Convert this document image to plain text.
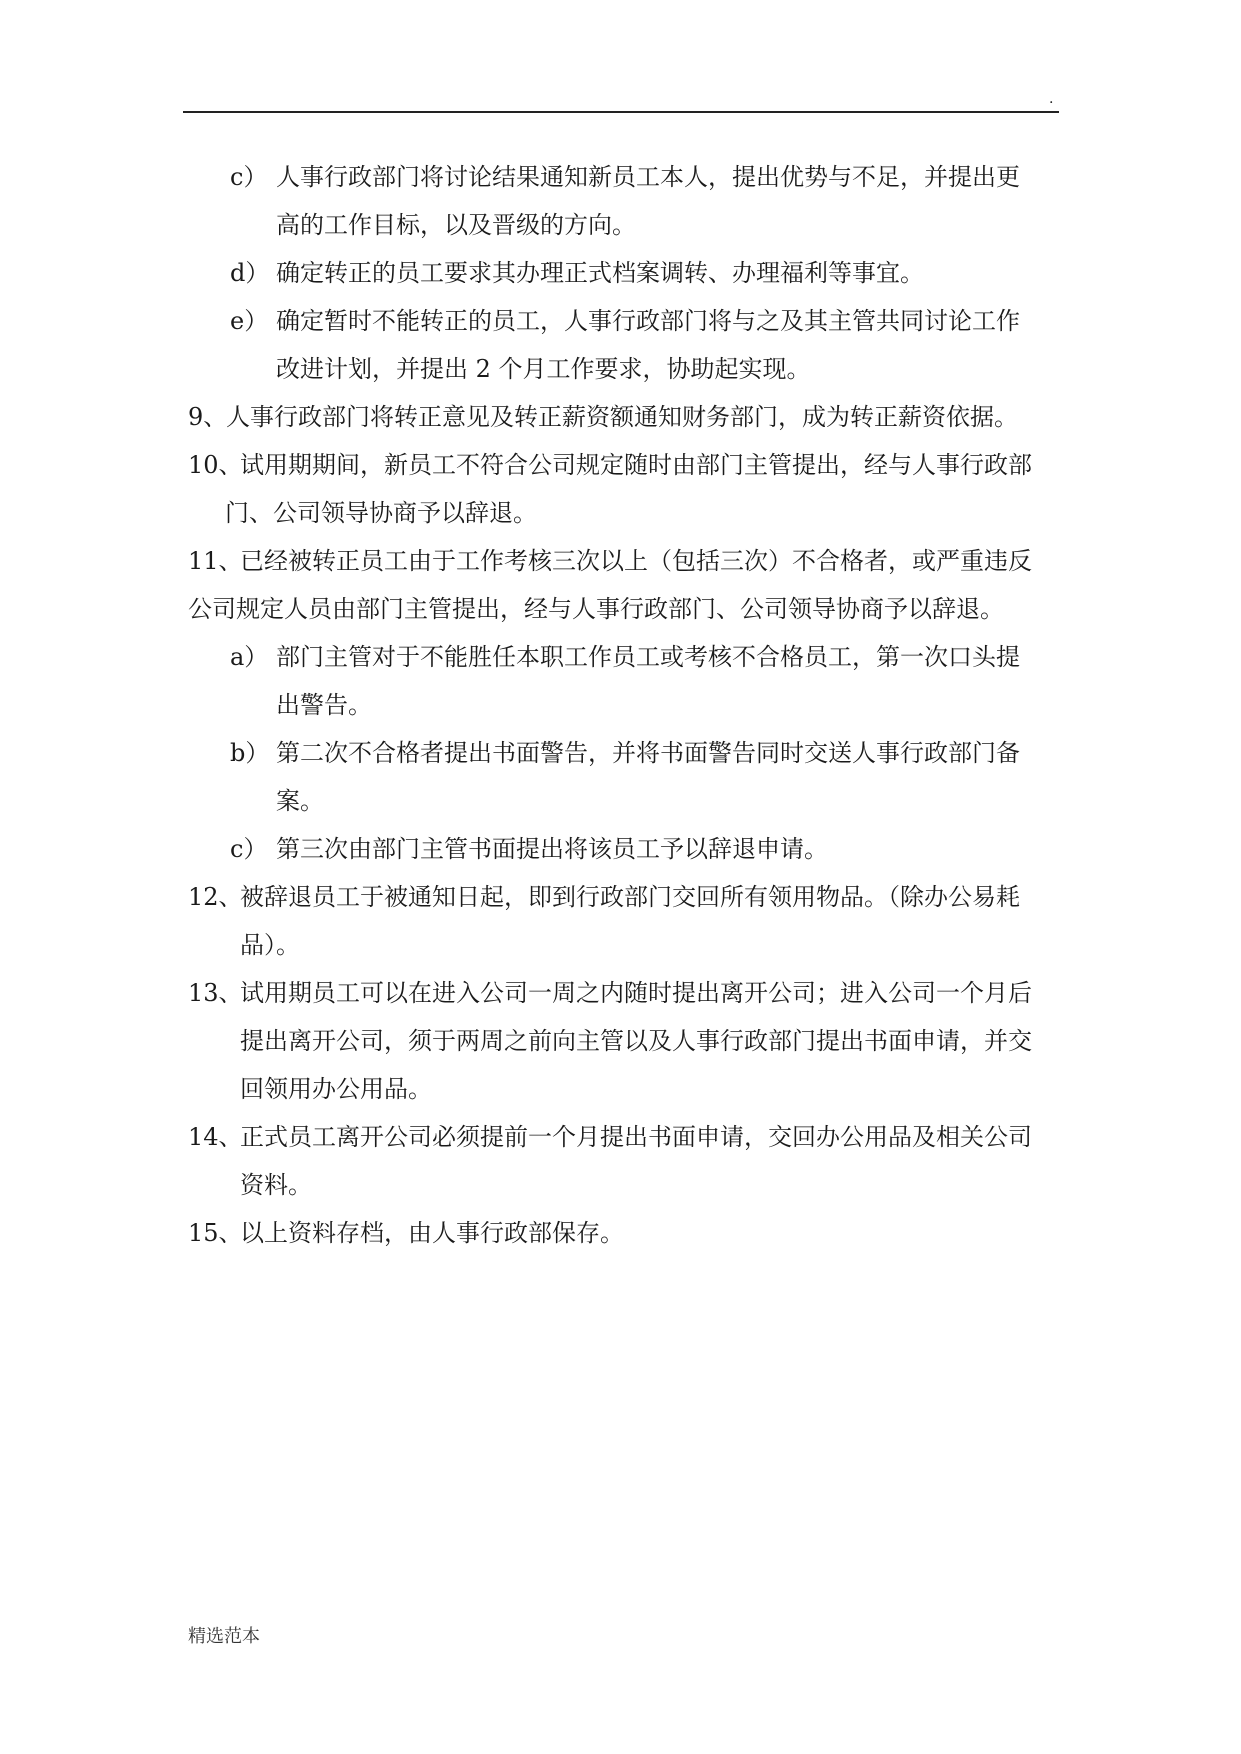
.
c） 人事行政部门将讨论结果通知新员工本人，提出优势与不足，并提出更
高的工作目标，以及晋级的方向。
d） 确定转正的员工要求其办理正式档案调转、办理福利等事宜。
e） 确定暂时不能转正的员工，人事行政部门将与之及其主管共同讨论工作
改进计划，并提出 2 个月工作要求，协助起实现。
9、人事行政部门将转正意见及转正薪资额通知财务部门，成为转正薪资依据。
10、试用期期间，新员工不符合公司规定随时由部门主管提出，经与人事行政部
门、公司领导协商予以辞退。
11、已经被转正员工由于工作考核三次以上（包括三次）不合格者，或严重违反
公司规定人员由部门主管提出，经与人事行政部门、公司领导协商予以辞退。
a） 部门主管对于不能胜任本职工作员工或考核不合格员工，第一次口头提
出警告。
b） 第二次不合格者提出书面警告，并将书面警告同时交送人事行政部门备
案。
c） 第三次由部门主管书面提出将该员工予以辞退申请。
12、被辞退员工于被通知日起，即到行政部门交回所有领用物品。（除办公易耗
品）。
13、试用期员工可以在进入公司一周之内随时提出离开公司；进入公司一个月后
提出离开公司，须于两周之前向主管以及人事行政部门提出书面申请，并交
回领用办公用品。
14、正式员工离开公司必须提前一个月提出书面申请，交回办公用品及相关公司
资料。
15、以上资料存档，由人事行政部保存。
精选范本
